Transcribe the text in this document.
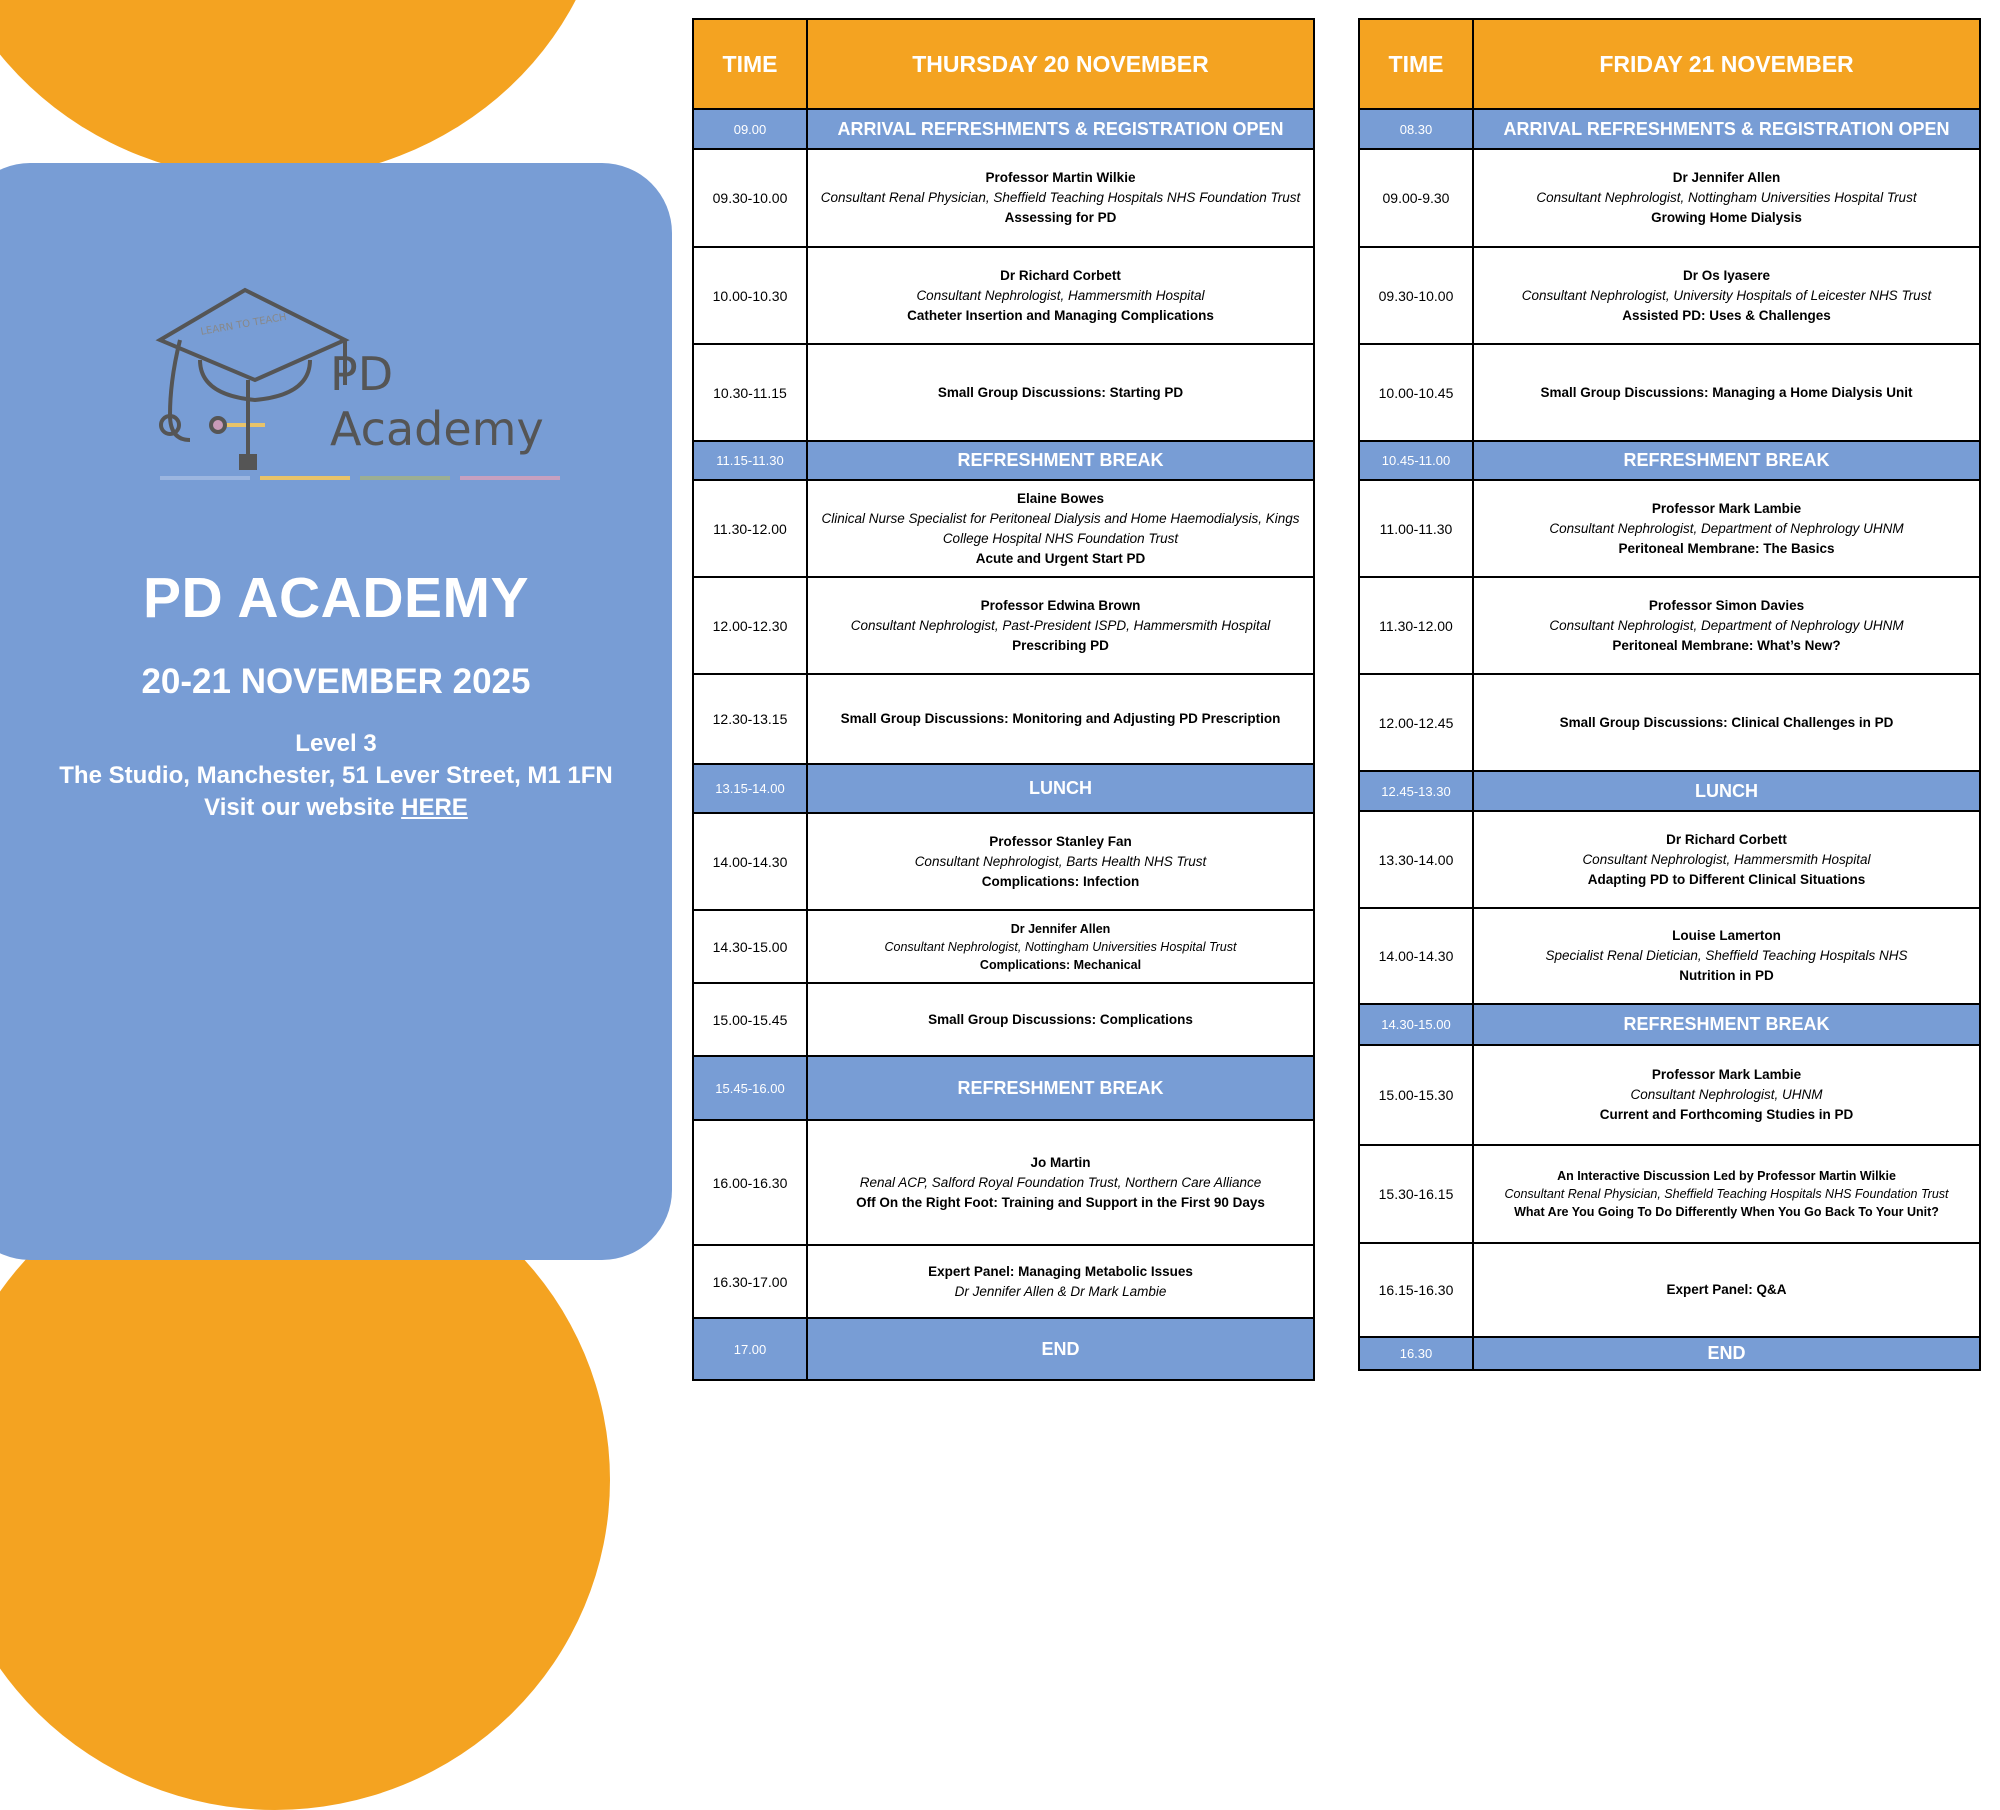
LEARN TO TEACH
PD
Academy
PD ACADEMY
20-21 NOVEMBER 2025
Level 3
The Studio, Manchester, 51 Lever Street, M1 1FN
Visit our website HERE
TIME	THURSDAY 20 NOVEMBER
09.00	ARRIVAL REFRESHMENTS & REGISTRATION OPEN
09.30-10.00	Professor Martin Wilkie
Consultant Renal Physician, Sheffield Teaching Hospitals NHS Foundation Trust
Assessing for PD

10.00-10.30	Dr Richard Corbett
Consultant Nephrologist, Hammersmith Hospital
Catheter Insertion and Managing Complications

10.30-11.15	Small Group Discussions: Starting PD

11.15-11.30	REFRESHMENT BREAK
11.30-12.00	Elaine Bowes
Clinical Nurse Specialist for Peritoneal Dialysis and Home Haemodialysis, Kings College Hospital NHS Foundation Trust
Acute and Urgent Start PD

12.00-12.30	Professor Edwina Brown
Consultant Nephrologist, Past-President ISPD, Hammersmith Hospital
Prescribing PD

12.30-13.15	Small Group Discussions: Monitoring and Adjusting PD Prescription

13.15-14.00	LUNCH
14.00-14.30	Professor Stanley Fan
Consultant Nephrologist, Barts Health NHS Trust
Complications: Infection

14.30-15.00	Dr Jennifer Allen
Consultant Nephrologist, Nottingham Universities Hospital Trust
Complications: Mechanical

15.00-15.45	Small Group Discussions: Complications

15.45-16.00	REFRESHMENT BREAK
16.00-16.30	Jo Martin
Renal ACP, Salford Royal Foundation Trust, Northern Care Alliance
Off On the Right Foot: Training and Support in the First 90 Days

16.30-17.00	Expert Panel: Managing Metabolic Issues
Dr Jennifer Allen & Dr Mark Lambie

17.00	END
TIME	FRIDAY 21 NOVEMBER
08.30	ARRIVAL REFRESHMENTS & REGISTRATION OPEN
09.00-9.30	Dr Jennifer Allen
Consultant Nephrologist, Nottingham Universities Hospital Trust
Growing Home Dialysis

09.30-10.00	Dr Os Iyasere
Consultant Nephrologist, University Hospitals of Leicester NHS Trust
Assisted PD: Uses & Challenges

10.00-10.45	Small Group Discussions: Managing a Home Dialysis Unit

10.45-11.00	REFRESHMENT BREAK
11.00-11.30	Professor Mark Lambie
Consultant Nephrologist, Department of Nephrology UHNM
Peritoneal Membrane: The Basics

11.30-12.00	Professor Simon Davies
Consultant Nephrologist, Department of Nephrology UHNM
Peritoneal Membrane: What’s New?

12.00-12.45	Small Group Discussions: Clinical Challenges in PD

12.45-13.30	LUNCH
13.30-14.00	Dr Richard Corbett
Consultant Nephrologist, Hammersmith Hospital
Adapting PD to Different Clinical Situations

14.00-14.30	Louise Lamerton
Specialist Renal Dietician, Sheffield Teaching Hospitals NHS
Nutrition in PD

14.30-15.00	REFRESHMENT BREAK
15.00-15.30	Professor Mark Lambie
Consultant Nephrologist, UHNM
Current and Forthcoming Studies in PD

15.30-16.15	An Interactive Discussion Led by Professor Martin Wilkie
Consultant Renal Physician, Sheffield Teaching Hospitals NHS Foundation Trust
What Are You Going To Do Differently When You Go Back To Your Unit?

16.15-16.30	Expert Panel: Q&A

16.30	END
